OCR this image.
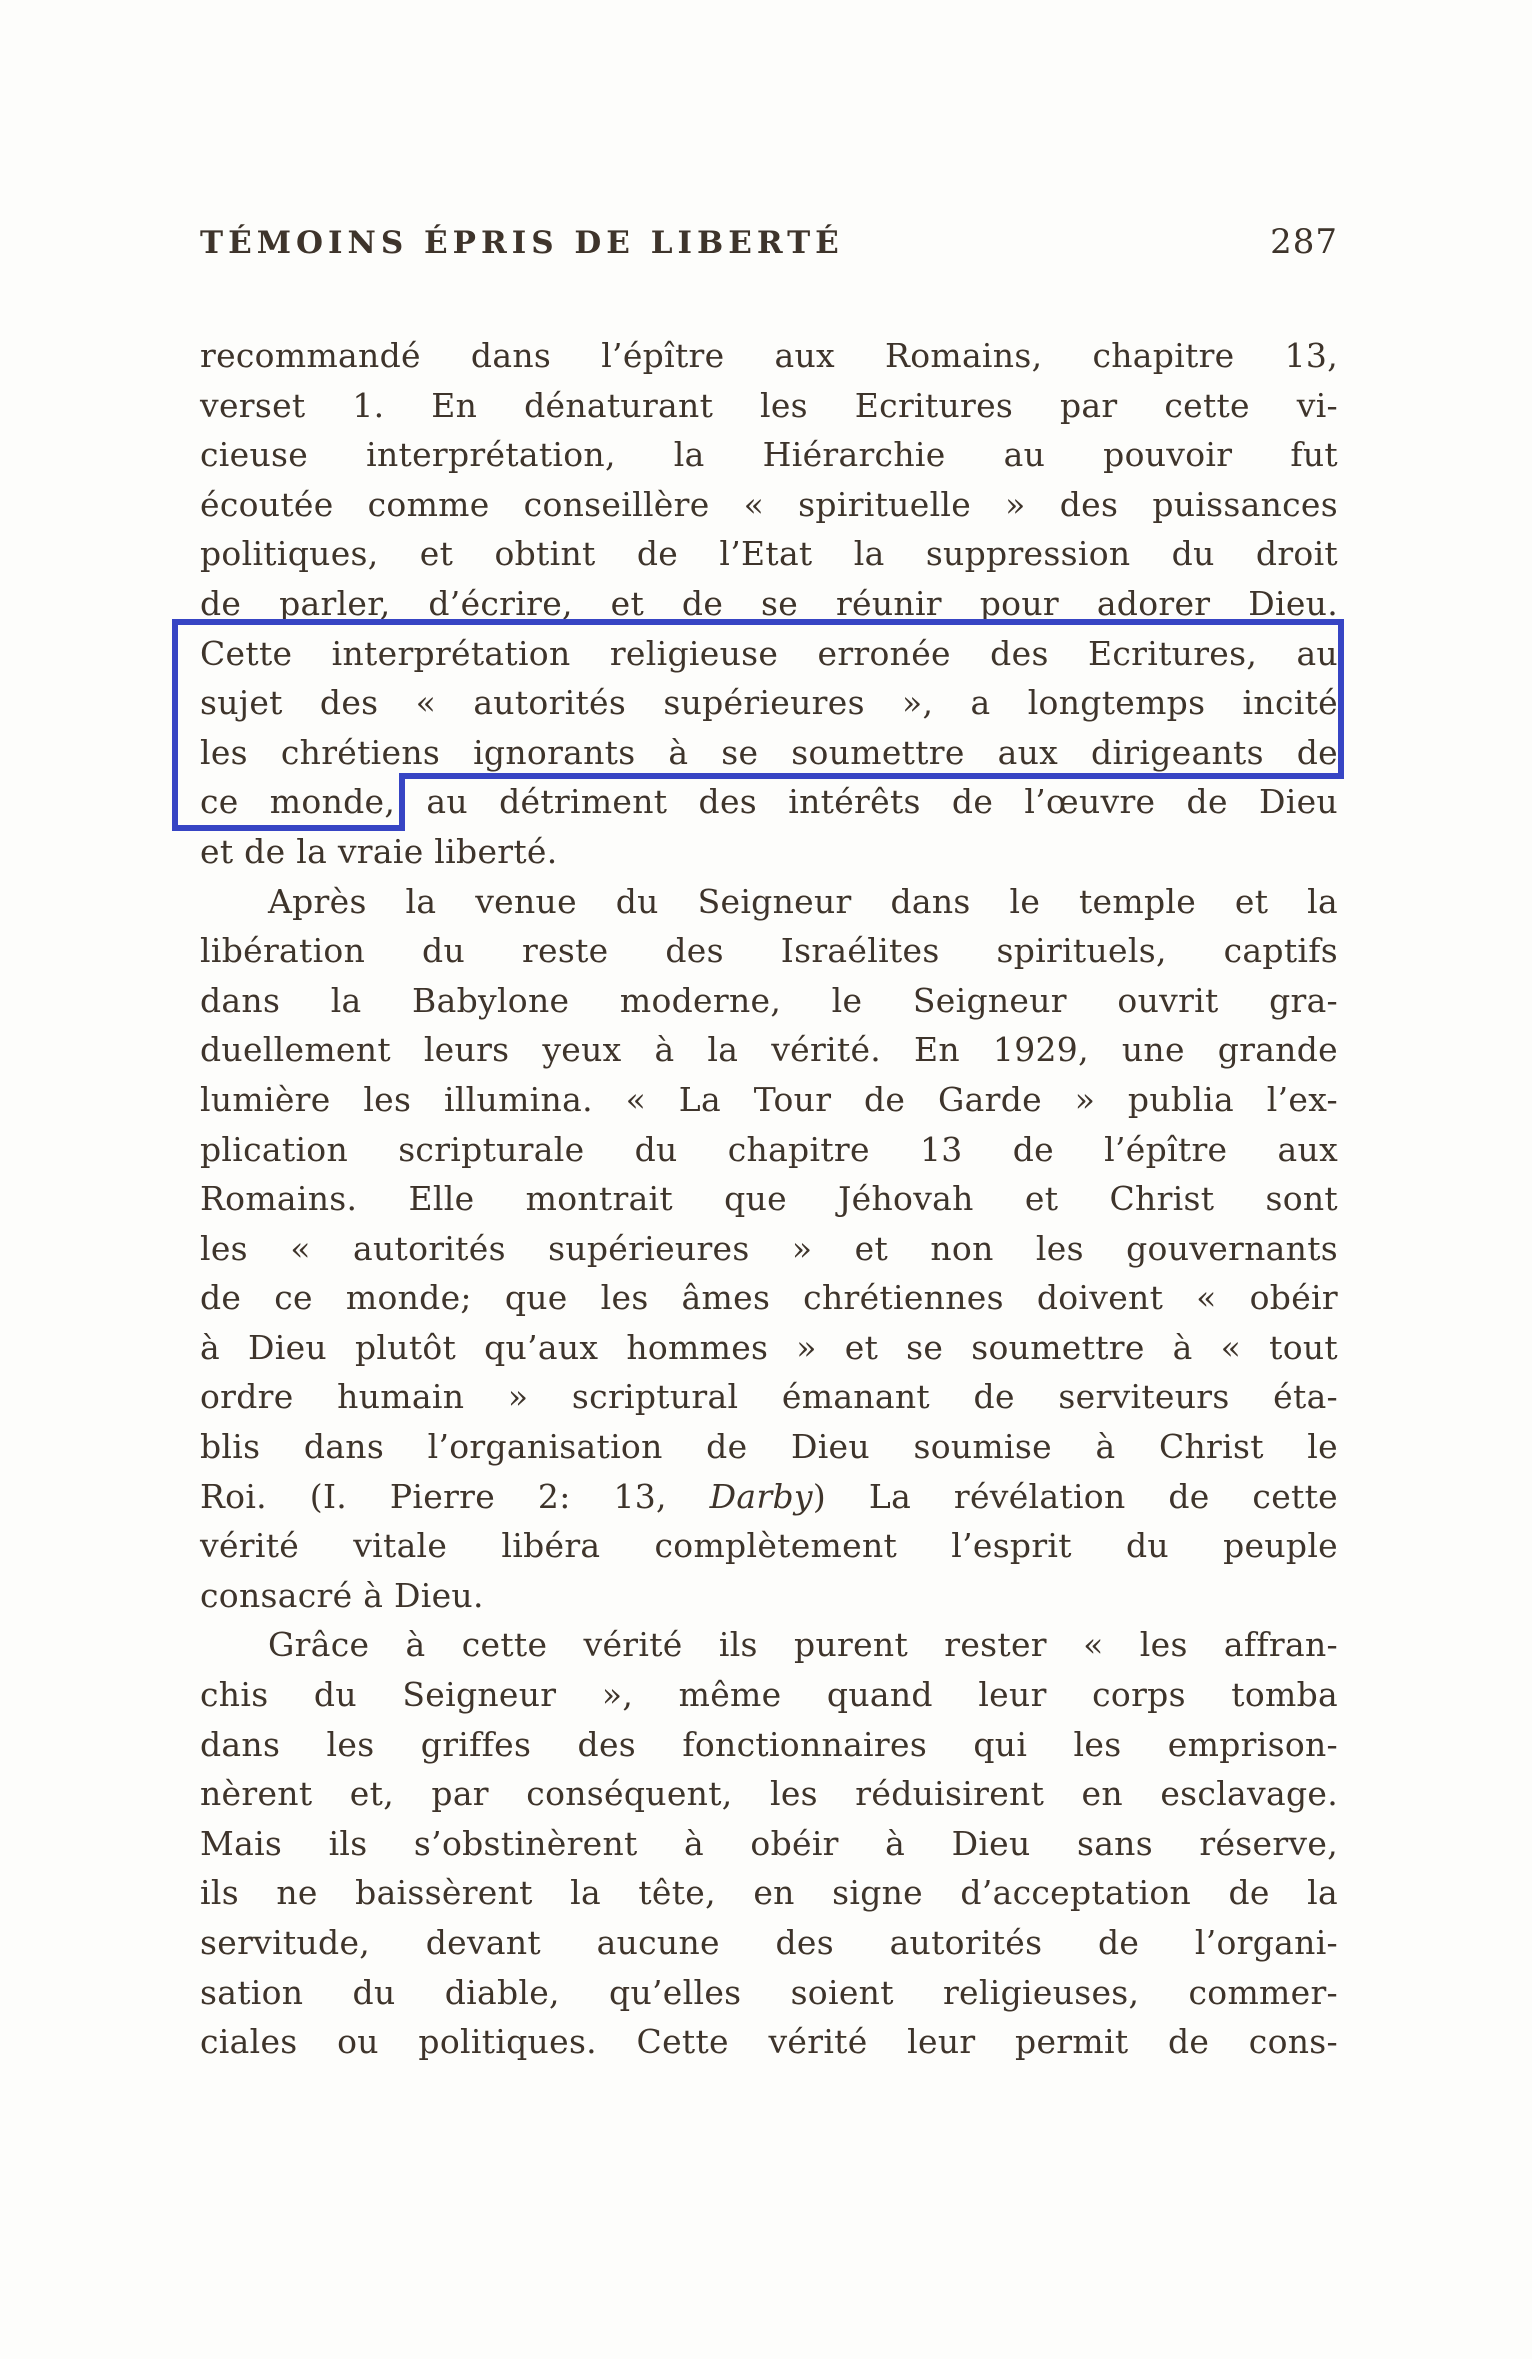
TÉMOINS ÉPRIS DE LIBERTÉ	287
recommandé dans l’épître aux Romains, chapitre 13,
verset 1. En dénaturant les Ecritures par cette vi-
cieuse interprétation, la Hiérarchie au pouvoir fut
écoutée comme conseillère « spirituelle » des puissances
politiques, et obtint de l’Etat la suppression du droit
de parler, d’écrire, et de se réunir pour adorer Dieu.
Cette interprétation religieuse erronée des Ecritures, au
sujet des « autorités supérieures », a longtemps incité
les chrétiens ignorants à se soumettre aux dirigeants de
ce monde, au détriment des intérêts de l’œuvre de Dieu
et de la vraie liberté.
Après la venue du Seigneur dans le temple et la
libération du reste des Israélites spirituels, captifs
dans la Babylone moderne, le Seigneur ouvrit gra-
duellement leurs yeux à la vérité. En 1929, une grande
lumière les illumina. « La Tour de Garde » publia l’ex-
plication scripturale du chapitre 13 de l’épître aux
Romains. Elle montrait que Jéhovah et Christ sont
les « autorités supérieures » et non les gouvernants
de ce monde; que les âmes chrétiennes doivent « obéir
à Dieu plutôt qu’aux hommes » et se soumettre à « tout
ordre humain » scriptural émanant de serviteurs éta-
blis dans l’organisation de Dieu soumise à Christ le
Roi. (I. Pierre 2: 13, Darby) La révélation de cette
vérité vitale libéra complètement l’esprit du peuple
consacré à Dieu.
Grâce à cette vérité ils purent rester « les affran-
chis du Seigneur », même quand leur corps tomba
dans les griffes des fonctionnaires qui les emprison-
nèrent et, par conséquent, les réduisirent en esclavage.
Mais ils s’obstinèrent à obéir à Dieu sans réserve,
ils ne baissèrent la tête, en signe d’acceptation de la
servitude, devant aucune des autorités de l’organi-
sation du diable, qu’elles soient religieuses, commer-
ciales ou politiques. Cette vérité leur permit de cons-
